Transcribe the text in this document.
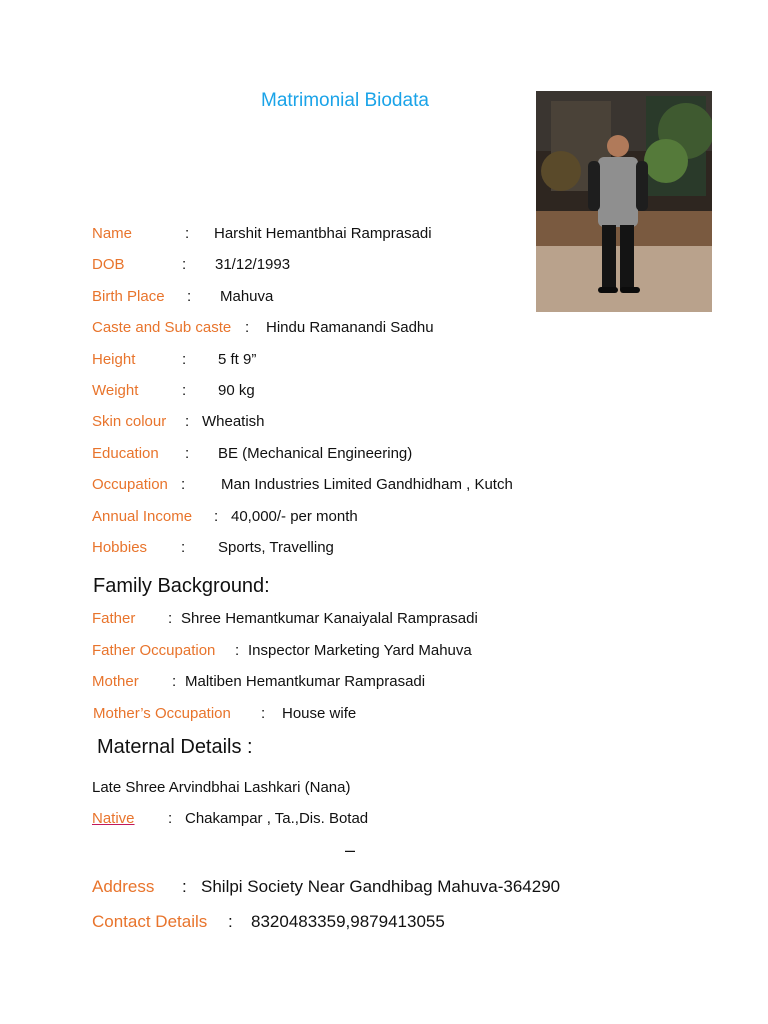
Matrimonial Biodata
Name	: Harshit Hemantbhai Ramprasadi
DOB	: 31/12/1993
Birth Place : Mahuva
Caste and Sub caste : Hindu Ramanandi Sadhu
Height	: 5 ft 9”
Weight	: 90 kg
Skin colour : Wheatish
Education : BE (Mechanical Engineering)
Occupation : Man Industries Limited Gandhidham , Kutch
Annual Income : 40,000/- per month
Hobbies : Sports, Travelling
Family Background:
Father : Shree Hemantkumar Kanaiyalal Ramprasadi
Father Occupation : Inspector Marketing Yard Mahuva
Mother : Maltiben Hemantkumar Ramprasadi
Mother’s Occupation : House wife
Maternal Details :
Late Shree Arvindbhai Lashkari (Nana)
Native : Chakampar , Ta.,Dis. Botad
–
Address : Shilpi Society Near Gandhibag Mahuva-364290
Contact Details : 8320483359,9879413055
